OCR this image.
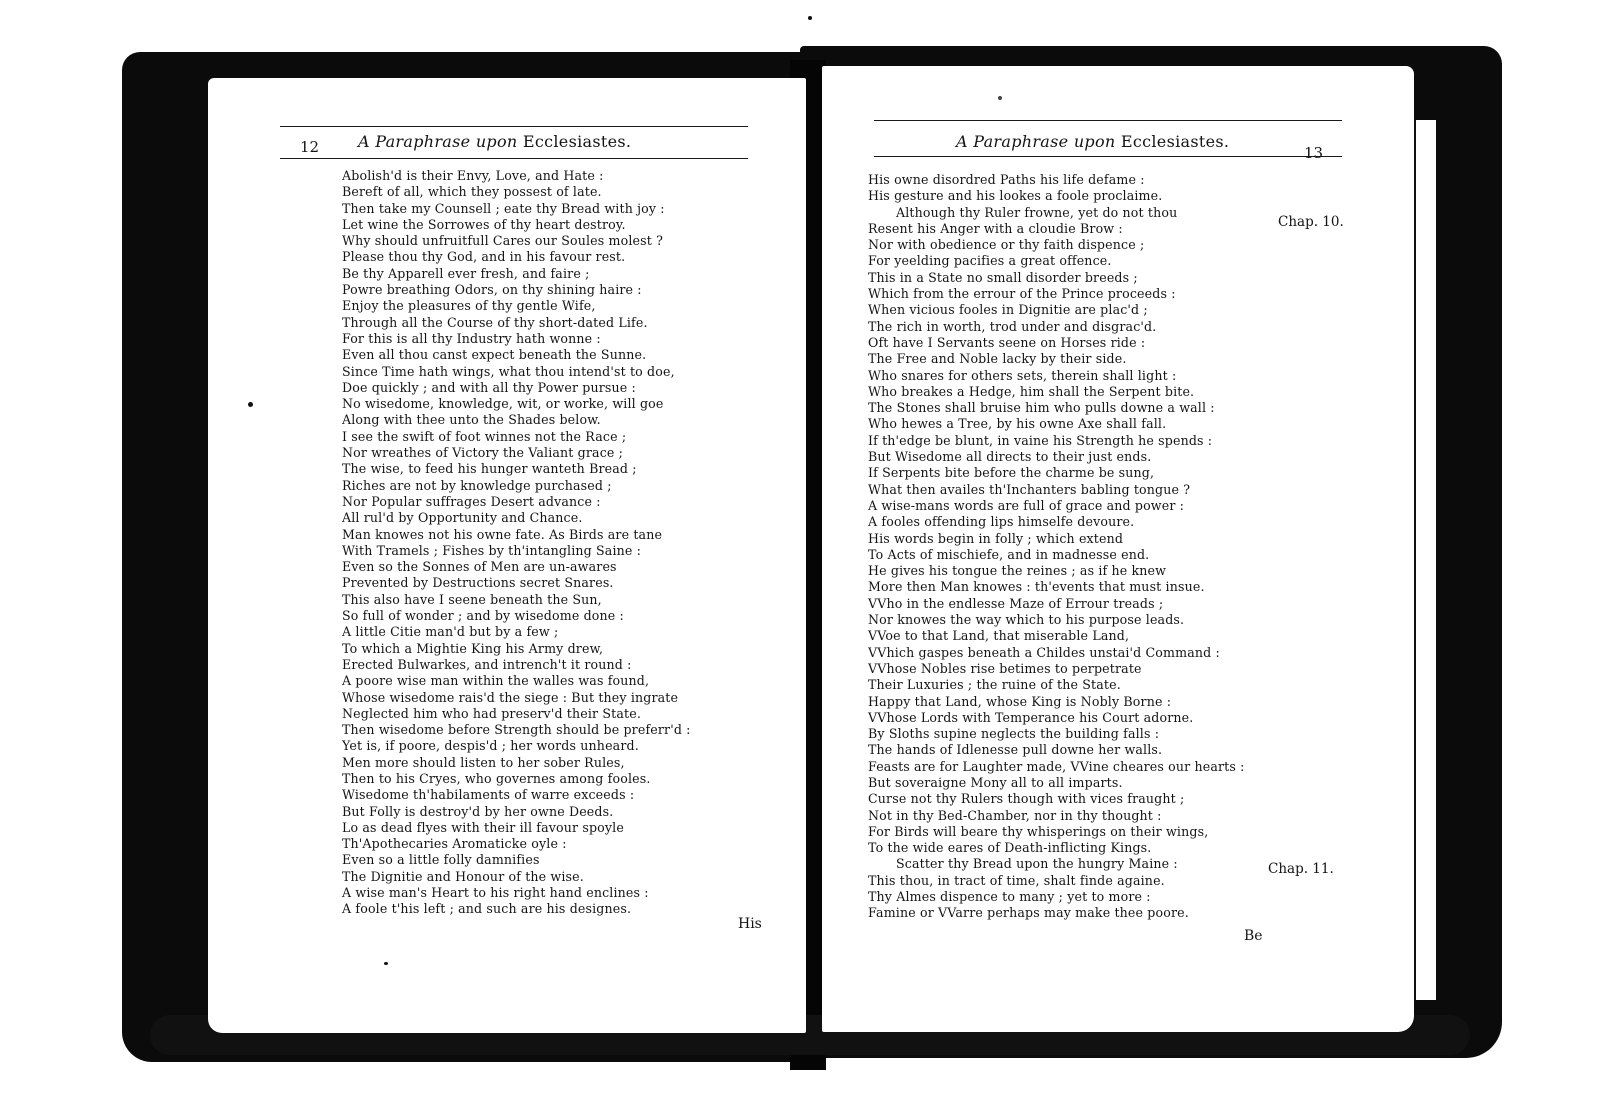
12 A Paraphrase upon Ecclesiastes.
Abolish'd is their Envy, Love, and Hate :
Bereft of all, which they possest of late.
Then take my Counsell ; eate thy Bread with joy :
Let wine the Sorrowes of thy heart destroy.
Why should unfruitfull Cares our Soules molest ?
Please thou thy God, and in his favour rest.
Be thy Apparell ever fresh, and faire ;
Powre breathing Odors, on thy shining haire :
Enjoy the pleasures of thy gentle Wife,
Through all the Course of thy short-dated Life.
For this is all thy Industry hath wonne :
Even all thou canst expect beneath the Sunne.
Since Time hath wings, what thou intend'st to doe,
Doe quickly ; and with all thy Power pursue :
No wisedome, knowledge, wit, or worke, will goe
Along with thee unto the Shades below.
I see the swift of foot winnes not the Race ;
Nor wreathes of Victory the Valiant grace ;
The wise, to feed his hunger wanteth Bread ;
Riches are not by knowledge purchased ;
Nor Popular suffrages Desert advance :
All rul'd by Opportunity and Chance.
Man knowes not his owne fate. As Birds are tane
With Tramels ; Fishes by th'intangling Saine :
Even so the Sonnes of Men are un-awares
Prevented by Destructions secret Snares.
This also have I seene beneath the Sun,
So full of wonder ; and by wisedome done :
A little Citie man'd but by a few ;
To which a Mightie King his Army drew,
Erected Bulwarkes, and intrench't it round :
A poore wise man within the walles was found,
Whose wisedome rais'd the siege : But they ingrate
Neglected him who had preserv'd their State.
Then wisedome before Strength should be preferr'd :
Yet is, if poore, despis'd ; her words unheard.
Men more should listen to her sober Rules,
Then to his Cryes, who governes among fooles.
Wisedome th'habilaments of warre exceeds :
But Folly is destroy'd by her owne Deeds.
Lo as dead flyes with their ill favour spoyle
Th'Apothecaries Aromaticke oyle :
Even so a little folly damnifies
The Dignitie and Honour of the wise.
A wise man's Heart to his right hand enclines :
A foole t'his left ; and such are his designes.
His

A Paraphrase upon Ecclesiastes.
13
His owne disordred Paths his life defame :
His gesture and his lookes a foole proclaime.
Although thy Ruler frowne, yet do not thou
Resent his Anger with a cloudie Brow :
Nor with obedience or thy faith dispence ;
For yeelding pacifies a great offence.
This in a State no small disorder breeds ;
Which from the errour of the Prince proceeds :
When vicious fooles in Dignitie are plac'd ;
The rich in worth, trod under and disgrac'd.
Oft have I Servants seene on Horses ride :
The Free and Noble lacky by their side.
Who snares for others sets, therein shall light :
Who breakes a Hedge, him shall the Serpent bite.
The Stones shall bruise him who pulls downe a wall :
Who hewes a Tree, by his owne Axe shall fall.
If th'edge be blunt, in vaine his Strength he spends :
But Wisedome all directs to their just ends.
If Serpents bite before the charme be sung,
What then availes th'Inchanters babling tongue ?
A wise-mans words are full of grace and power :
A fooles offending lips himselfe devoure.
His words begin in folly ; which extend
To Acts of mischiefe, and in madnesse end.
He gives his tongue the reines ; as if he knew
More then Man knowes : th'events that must insue.
VVho in the endlesse Maze of Errour treads ;
Nor knowes the way which to his purpose leads.
VVoe to that Land, that miserable Land,
VVhich gaspes beneath a Childes unstai'd Command :
VVhose Nobles rise betimes to perpetrate
Their Luxuries ; the ruine of the State.
Happy that Land, whose King is Nobly Borne :
VVhose Lords with Temperance his Court adorne.
By Sloths supine neglects the building falls :
The hands of Idlenesse pull downe her walls.
Feasts are for Laughter made, VVine cheares our hearts :
But soveraigne Mony all to all imparts.
Curse not thy Rulers though with vices fraught ;
Not in thy Bed-Chamber, nor in thy thought :
For Birds will beare thy whisperings on their wings,
To the wide eares of Death-inflicting Kings.
Scatter thy Bread upon the hungry Maine :
This thou, in tract of time, shalt finde againe.
Thy Almes dispence to many ; yet to more :
Famine or VVarre perhaps may make thee poore.
Chap. 10.
Chap. 11.
Be
